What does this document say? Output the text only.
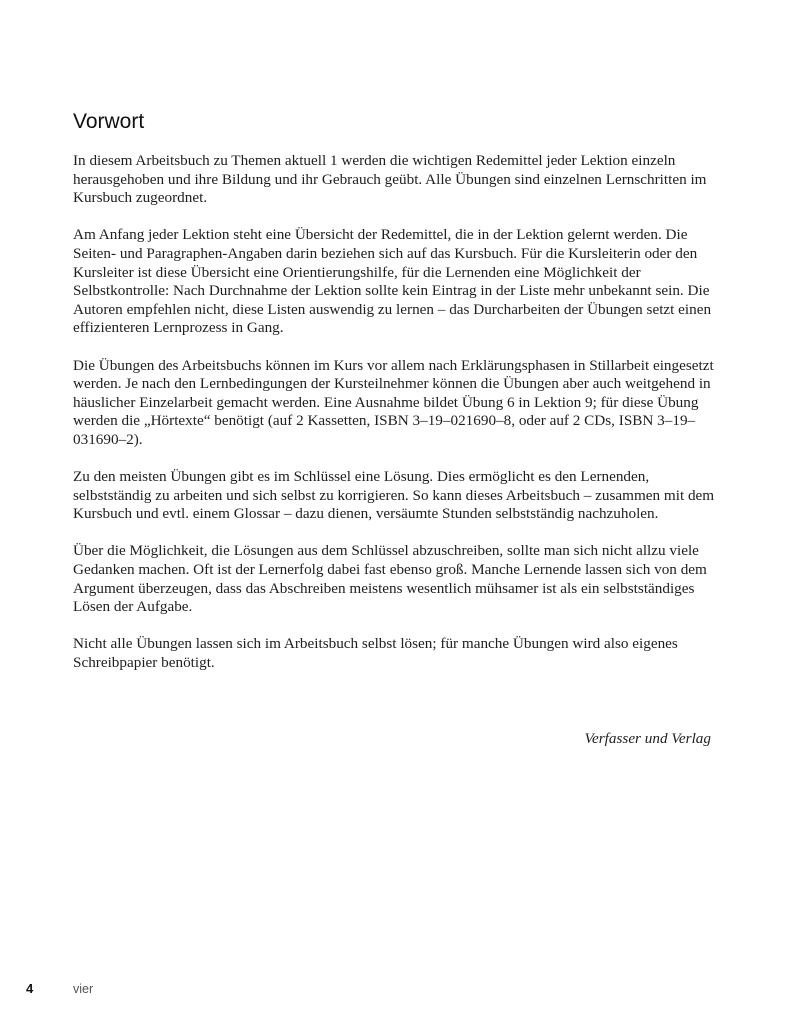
Vorwort

In diesem Arbeitsbuch zu Themen aktuell 1 werden die wichtigen Redemittel jeder Lektion einzeln herausgehoben und ihre Bildung und ihr Gebrauch geübt. Alle Übungen sind einzelnen Lernschritten im Kursbuch zugeordnet.

Am Anfang jeder Lektion steht eine Übersicht der Redemittel, die in der Lektion gelernt werden. Die Seiten- und Paragraphen-Angaben darin beziehen sich auf das Kursbuch. Für die Kursleiterin oder den Kursleiter ist diese Übersicht eine Orientierungshilfe, für die Lernenden eine Möglichkeit der Selbstkontrolle: Nach Durchnahme der Lektion sollte kein Eintrag in der Liste mehr unbekannt sein. Die Autoren empfehlen nicht, diese Listen auswendig zu lernen – das Durcharbeiten der Übungen setzt einen effizienteren Lernprozess in Gang.

Die Übungen des Arbeitsbuchs können im Kurs vor allem nach Erklärungsphasen in Stillarbeit eingesetzt werden. Je nach den Lernbedingungen der Kursteilnehmer können die Übungen aber auch weitgehend in häuslicher Einzelarbeit gemacht werden. Eine Ausnahme bildet Übung 6 in Lektion 9; für diese Übung werden die „Hörtexte“ benötigt (auf 2 Kassetten, ISBN 3–19–021690–8, oder auf 2 CDs, ISBN 3–19–031690–2).

Zu den meisten Übungen gibt es im Schlüssel eine Lösung. Dies ermöglicht es den Lernenden, selbstständig zu arbeiten und sich selbst zu korrigieren. So kann dieses Arbeitsbuch – zusammen mit dem Kursbuch und evtl. einem Glossar – dazu dienen, versäumte Stunden selbstständig nachzuholen.

Über die Möglichkeit, die Lösungen aus dem Schlüssel abzuschreiben, sollte man sich nicht allzu viele Gedanken machen. Oft ist der Lernerfolg dabei fast ebenso groß. Manche Lernende lassen sich von dem Argument überzeugen, dass das Abschreiben meistens wesentlich mühsamer ist als ein selbstständiges Lösen der Aufgabe.

Nicht alle Übungen lassen sich im Arbeitsbuch selbst lösen; für manche Übungen wird also eigenes Schreibpapier benötigt.

Verfasser und Verlag

4	vier
